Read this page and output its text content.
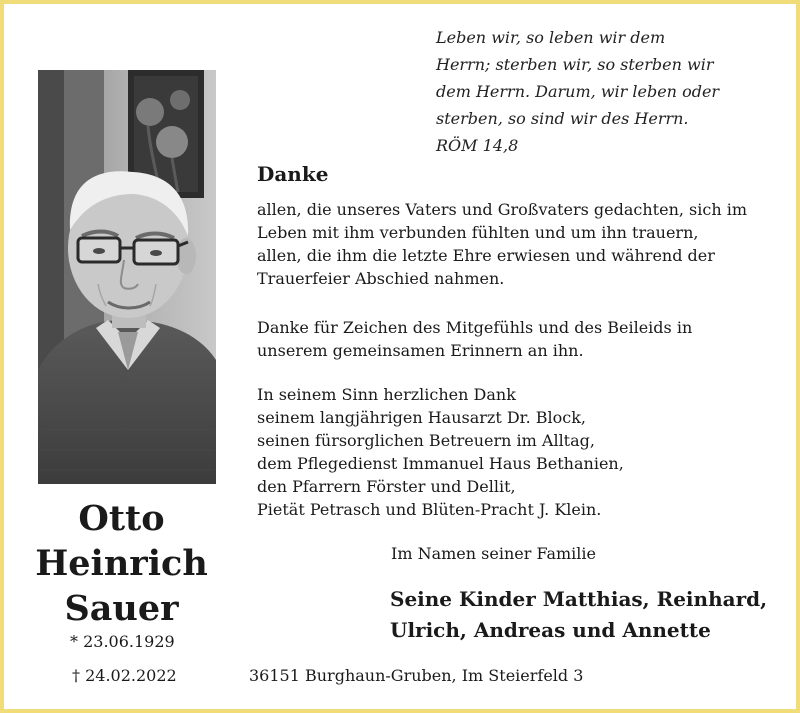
Leben wir, so leben wir dem
Herrn; sterben wir, so sterben wir
dem Herrn. Darum, wir leben oder
sterben, so sind wir des Herrn.
RÖM 14,8
Otto
Heinrich
Sauer
* 23.06.1929
† 24.02.2022
Danke
allen, die unseres Vaters und Großvaters gedachten, sich im
Leben mit ihm verbunden fühlten und um ihn trauern,
allen, die ihm die letzte Ehre erwiesen und während der
Trauerfeier Abschied nahmen.
Danke für Zeichen des Mitgefühls und des Beileids in
unserem gemeinsamen Erinnern an ihn.
In seinem Sinn herzlichen Dank
seinem langjährigen Hausarzt Dr. Block,
seinen fürsorglichen Betreuern im Alltag,
dem Pflegedienst Immanuel Haus Bethanien,
den Pfarrern Förster und Dellit,
Pietät Petrasch und Blüten-Pracht J. Klein.
Im Namen seiner Familie
Seine Kinder Matthias, Reinhard,
Ulrich, Andreas und Annette
36151 Burghaun-Gruben, Im Steierfeld 3
